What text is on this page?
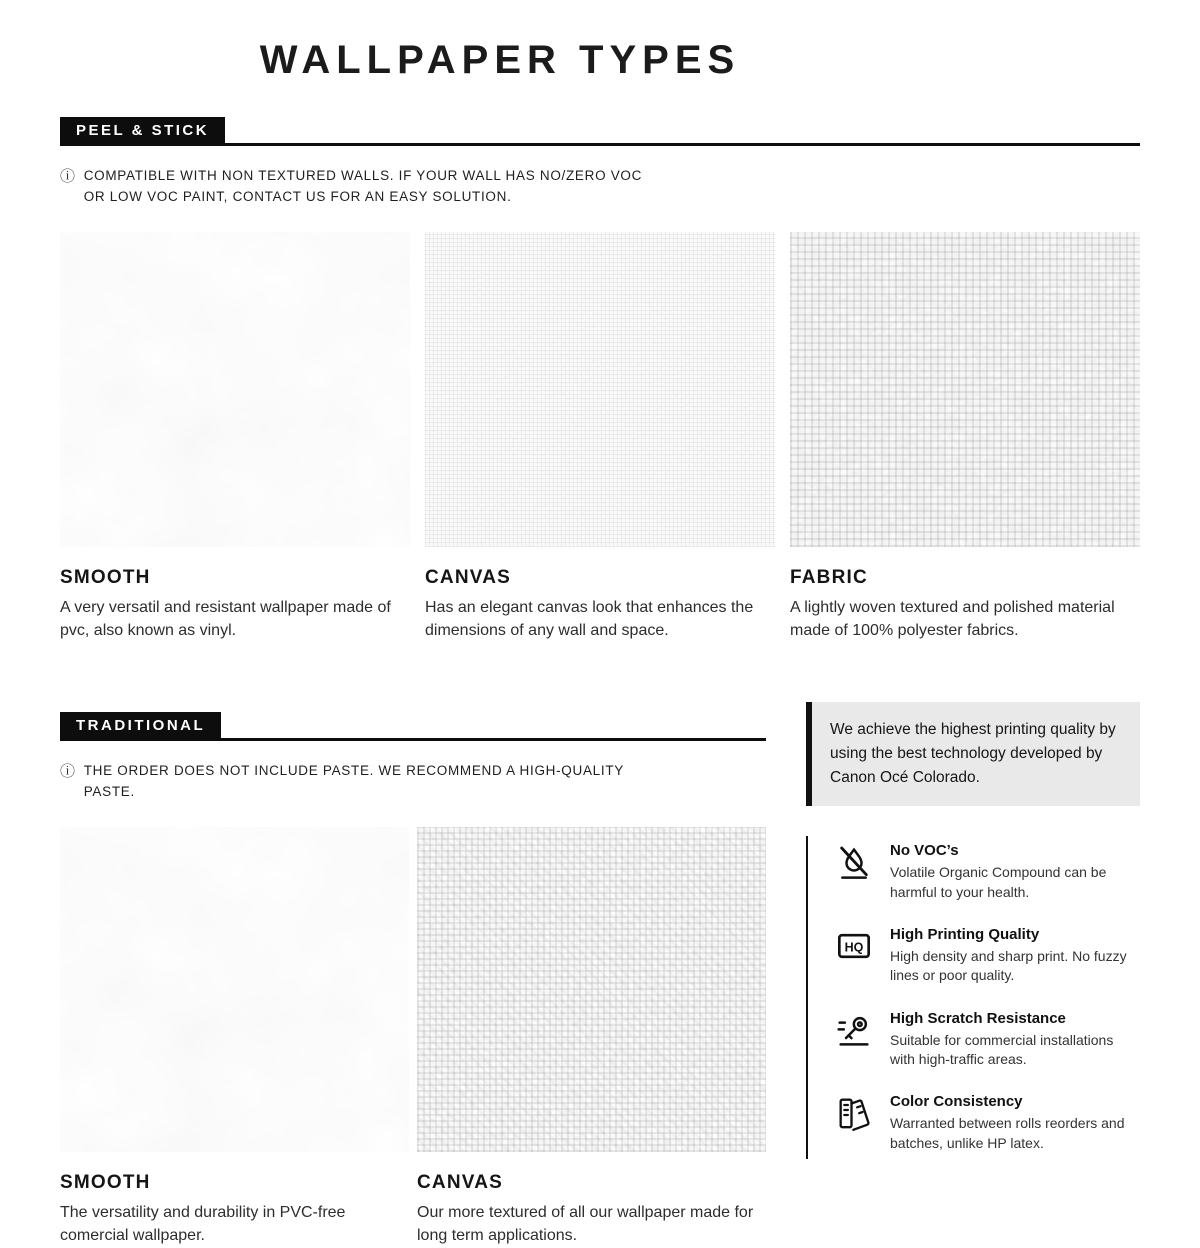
WALLPAPER TYPES
PEEL & STICK
ⓘ COMPATIBLE WITH NON TEXTURED WALLS. IF YOUR WALL HAS NO/ZERO VOC OR LOW VOC PAINT, CONTACT US FOR AN EASY SOLUTION.
SMOOTH
A very versatil and resistant wallpaper made of pvc, also known as vinyl.
CANVAS
Has an elegant canvas look that enhances the dimensions of any wall and space.
FABRIC
A lightly woven textured and polished material made of 100% polyester fabrics.
TRADITIONAL
ⓘ THE ORDER DOES NOT INCLUDE PASTE. WE RECOMMEND A HIGH-QUALITY PASTE.
SMOOTH
The versatility and durability in PVC-free comercial wallpaper.
CANVAS
Our more textured of all our wallpaper made for long term applications.
We achieve the highest printing quality by using the best technology developed by Canon Océ Colorado.
No VOC’s
Volatile Organic Compound can be harmful to your health.
HQ
High Printing Quality
High density and sharp print. No fuzzy lines or poor quality.
High Scratch Resistance
Suitable for commercial installations with high-traffic areas.
Color Consistency
Warranted between rolls reorders and batches, unlike HP latex.
